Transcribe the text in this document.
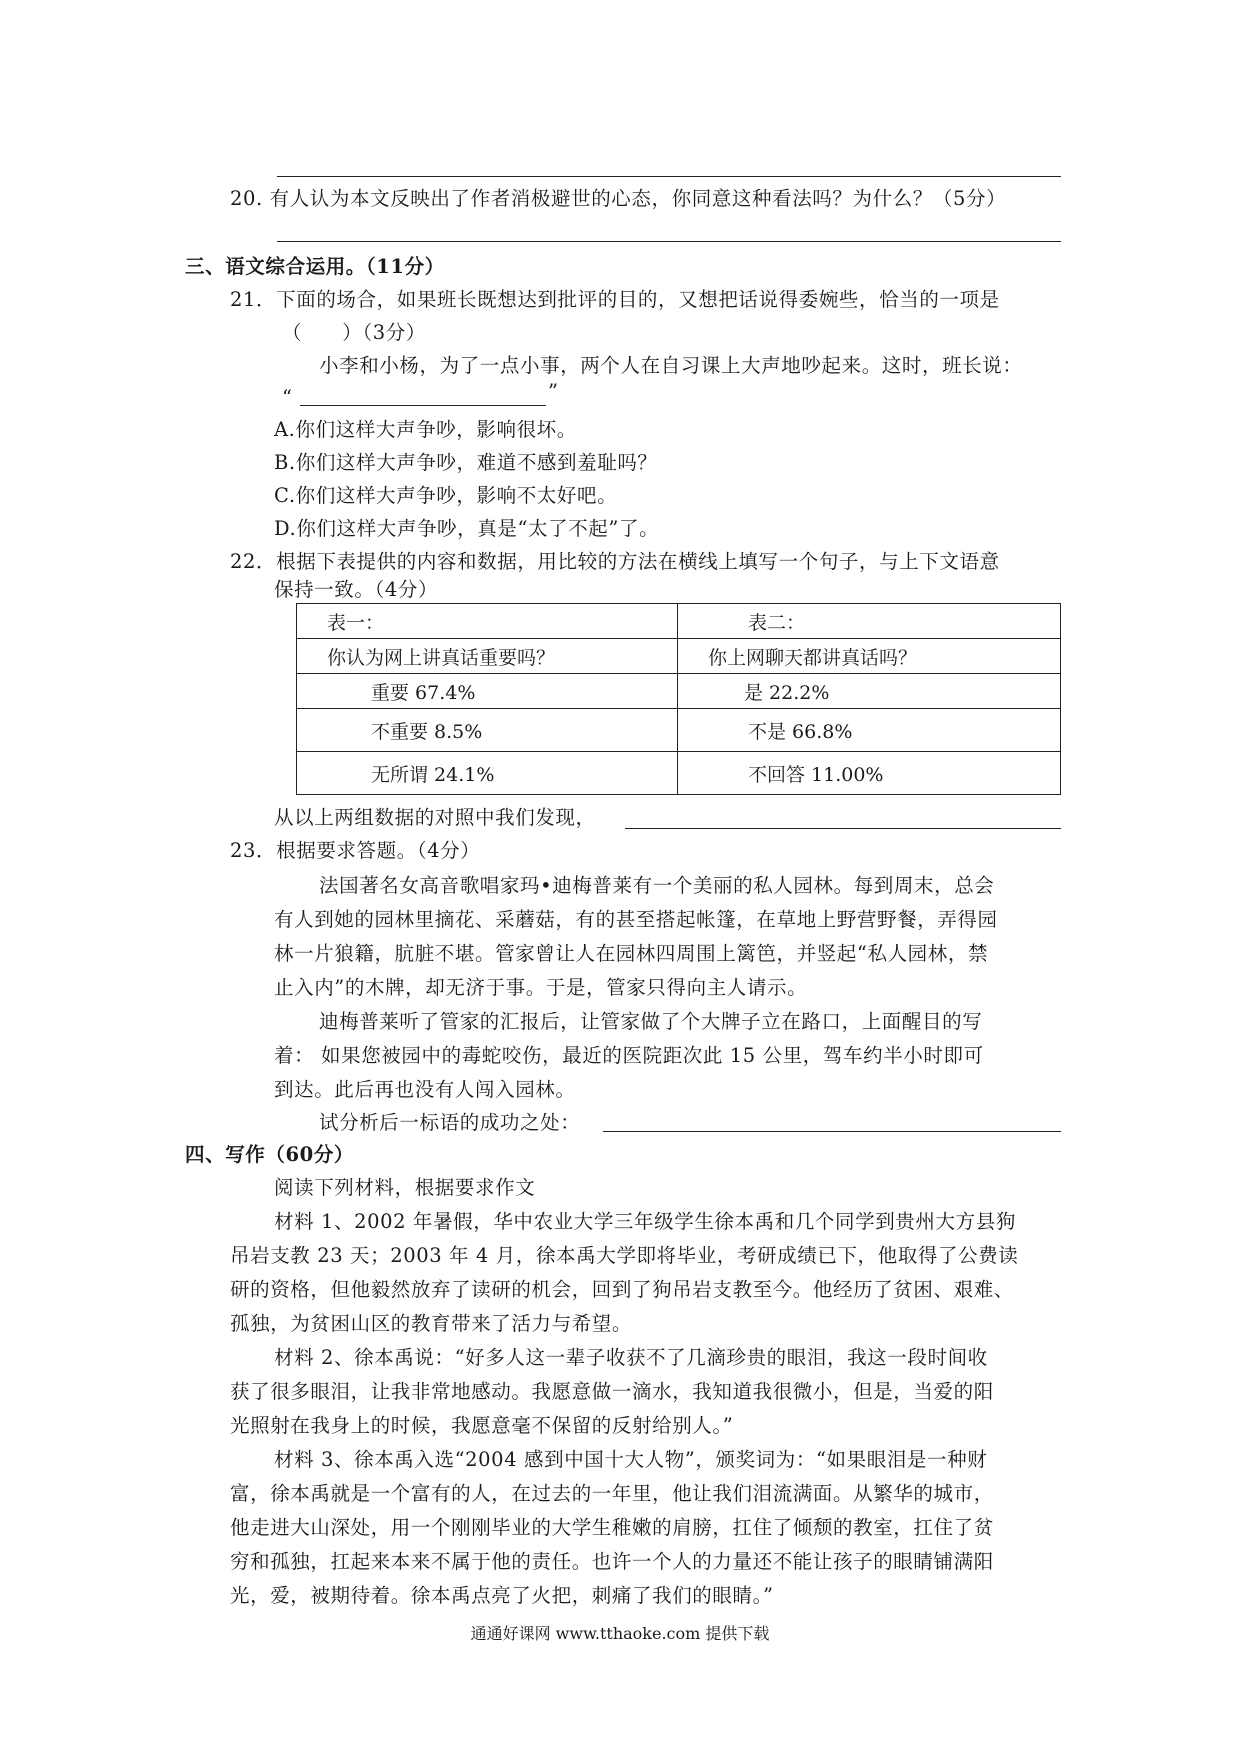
20. 有人认为本文反映出了作者消极避世的心态，你同意这种看法吗？为什么？（5分）
三、语文综合运用。（11分）
21．下面的场合，如果班长既想达到批评的目的，又想把话说得委婉些，恰当的一项是
（　　）（3分）
小李和小杨，为了一点小事，两个人在自习课上大声地吵起来。这时，班长说：
“	”
A.你们这样大声争吵，影响很坏。
B.你们这样大声争吵，难道不感到羞耻吗？
C.你们这样大声争吵，影响不太好吧。
D.你们这样大声争吵，真是“太了不起”了。
22．根据下表提供的内容和数据，用比较的方法在横线上填写一个句子，与上下文语意
保持一致。（4分）
表一：	表二：
你认为网上讲真话重要吗？	你上网聊天都讲真话吗？
重要 67.4%	是 22.2%
不重要 8.5%	不是 66.8%
无所谓 24.1%	不回答 11.00%
从以上两组数据的对照中我们发现，
23．根据要求答题。（4分）
法国著名女高音歌唱家玛•迪梅普莱有一个美丽的私人园林。每到周末，总会
有人到她的园林里摘花、采蘑菇，有的甚至搭起帐篷，在草地上野营野餐，弄得园
林一片狼籍，肮脏不堪。管家曾让人在园林四周围上篱笆，并竖起“私人园林，禁
止入内”的木牌，却无济于事。于是，管家只得向主人请示。
迪梅普莱听了管家的汇报后，让管家做了个大牌子立在路口，上面醒目的写
着： 如果您被园中的毒蛇咬伤，最近的医院距次此 15 公里，驾车约半小时即可
到达。此后再也没有人闯入园林。
试分析后一标语的成功之处：
四、写作（60分）
阅读下列材料，根据要求作文
材料 1、2002 年暑假，华中农业大学三年级学生徐本禹和几个同学到贵州大方县狗
吊岩支教 23 天；2003 年 4 月，徐本禹大学即将毕业，考研成绩已下，他取得了公费读
研的资格，但他毅然放弃了读研的机会，回到了狗吊岩支教至今。他经历了贫困、艰难、
孤独，为贫困山区的教育带来了活力与希望。
材料 2、徐本禹说：“好多人这一辈子收获不了几滴珍贵的眼泪，我这一段时间收
获了很多眼泪，让我非常地感动。我愿意做一滴水，我知道我很微小，但是，当爱的阳
光照射在我身上的时候，我愿意毫不保留的反射给别人。”
材料 3、徐本禹入选“2004 感到中国十大人物”，颁奖词为：“如果眼泪是一种财
富，徐本禹就是一个富有的人，在过去的一年里，他让我们泪流满面。从繁华的城市，
他走进大山深处，用一个刚刚毕业的大学生稚嫩的肩膀，扛住了倾颓的教室，扛住了贫
穷和孤独，扛起来本来不属于他的责任。也许一个人的力量还不能让孩子的眼睛铺满阳
光，爱，被期待着。徐本禹点亮了火把，刺痛了我们的眼睛。”
通通好课网 www.tthaoke.com 提供下载
